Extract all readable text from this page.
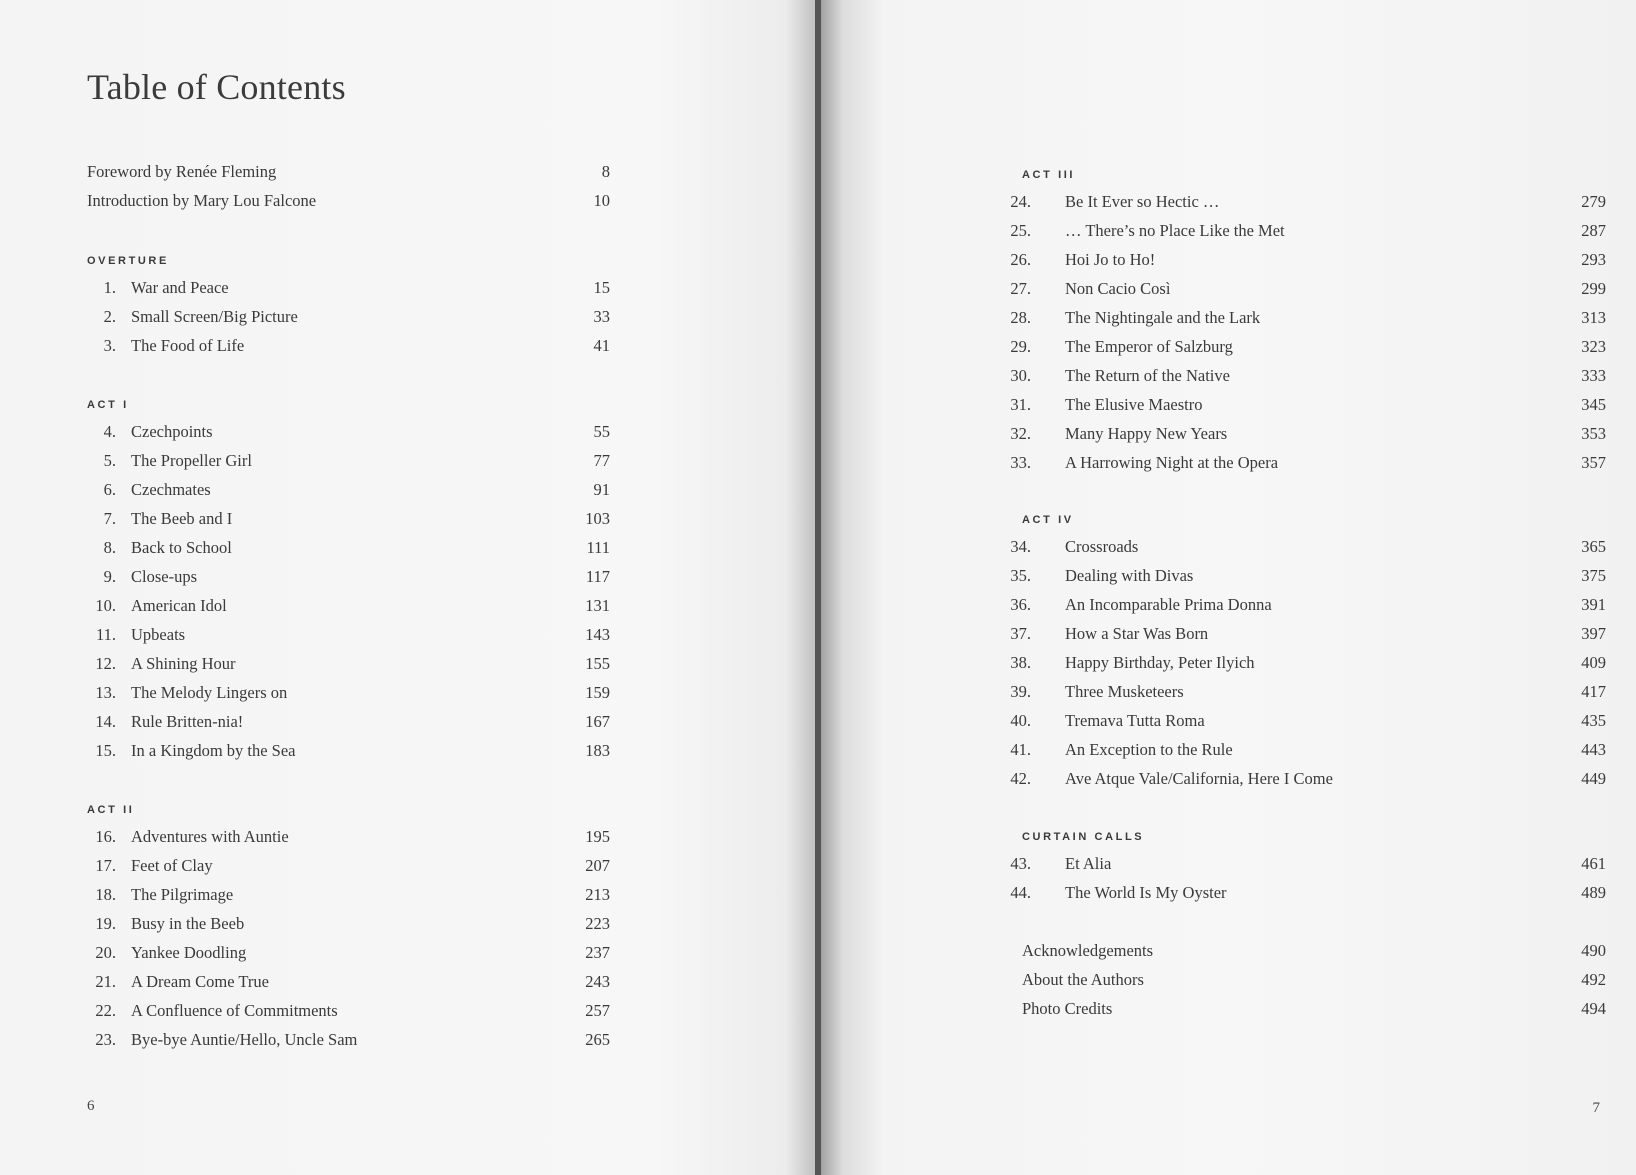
Table of Contents
Foreword by Renée Fleming	8
Introduction by Mary Lou Falcone	10
OVERTURE
1. War and Peace	15
2. Small Screen/Big Picture	33
3. The Food of Life	41
ACT I
4. Czechpoints	55
5. The Propeller Girl	77
6. Czechmates	91
7. The Beeb and I	103
8. Back to School	111
9. Close-ups	117
10. American Idol	131
11. Upbeats	143
12. A Shining Hour	155
13. The Melody Lingers on	159
14. Rule Britten-nia!	167
15. In a Kingdom by the Sea	183
ACT II
16. Adventures with Auntie	195
17. Feet of Clay	207
18. The Pilgrimage	213
19. Busy in the Beeb	223
20. Yankee Doodling	237
21. A Dream Come True	243
22. A Confluence of Commitments	257
23. Bye-bye Auntie/Hello, Uncle Sam	265
6
ACT III
24. Be It Ever so Hectic …	279
25. … There’s no Place Like the Met	287
26. Hoi Jo to Ho!	293
27. Non Cacio Così	299
28. The Nightingale and the Lark	313
29. The Emperor of Salzburg	323
30. The Return of the Native	333
31. The Elusive Maestro	345
32. Many Happy New Years	353
33. A Harrowing Night at the Opera	357
ACT IV
34. Crossroads	365
35. Dealing with Divas	375
36. An Incomparable Prima Donna	391
37. How a Star Was Born	397
38. Happy Birthday, Peter Ilyich	409
39. Three Musketeers	417
40. Tremava Tutta Roma	435
41. An Exception to the Rule	443
42. Ave Atque Vale/California, Here I Come	449
CURTAIN CALLS
43. Et Alia	461
44. The World Is My Oyster	489
Acknowledgements	490
About the Authors	492
Photo Credits	494
7
